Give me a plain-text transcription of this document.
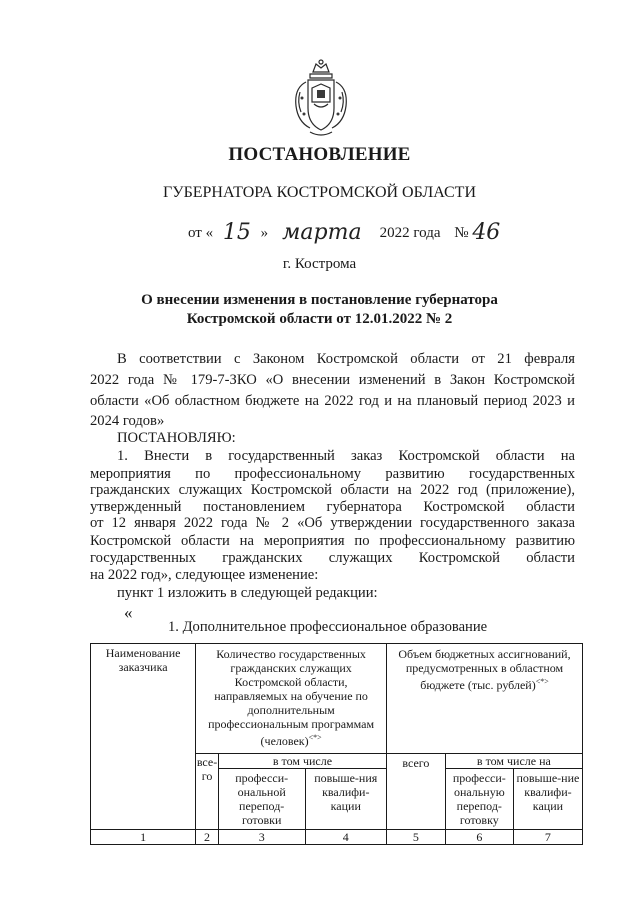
ПОСТАНОВЛЕНИЕ
ГУБЕРНАТОРА КОСТРОМСКОЙ ОБЛАСТИ
от « 15 » марта 2022 года № 46
г. Кострома
О внесении изменения в постановление губернатора
Костромской области от 12.01.2022 № 2
В соответствии с Законом Костромской области от 21 февраля
2022 года № 179-7-ЗКО «О внесении изменений в Закон Костромской
области «Об областном бюджете на 2022 год и на плановый период 2023 и
2024 годов»
ПОСТАНОВЛЯЮ:
1. Внести в государственный заказ Костромской области на
мероприятия по профессиональному развитию государственных
гражданских служащих Костромской области на 2022 год (приложение),
утвержденный постановлением губернатора Костромской области
от 12 января 2022 года № 2 «Об утверждении государственного заказа
Костромской области на мероприятия по профессиональному развитию
государственных гражданских служащих Костромской области
на 2022 год», следующее изменение:
пункт 1 изложить в следующей редакции:
«
1. Дополнительное профессиональное образование
Наименование заказчика	Количество государственных гражданских служащих Костромской области, направляемых на обучение по дополнительным профессиональным программам (человек)<*>			Объем бюджетных ассигнований, предусмотренных в областном бюджете (тыс. рублей)<*>
	все-го	в том числе		всего	в том числе на	
		професси-ональной перепод-готовки	повыше-ния квалифи-кации		професси-ональную перепод-готовку	повыше-ние квалифи-кации
1	2	3	4	5	6	7
